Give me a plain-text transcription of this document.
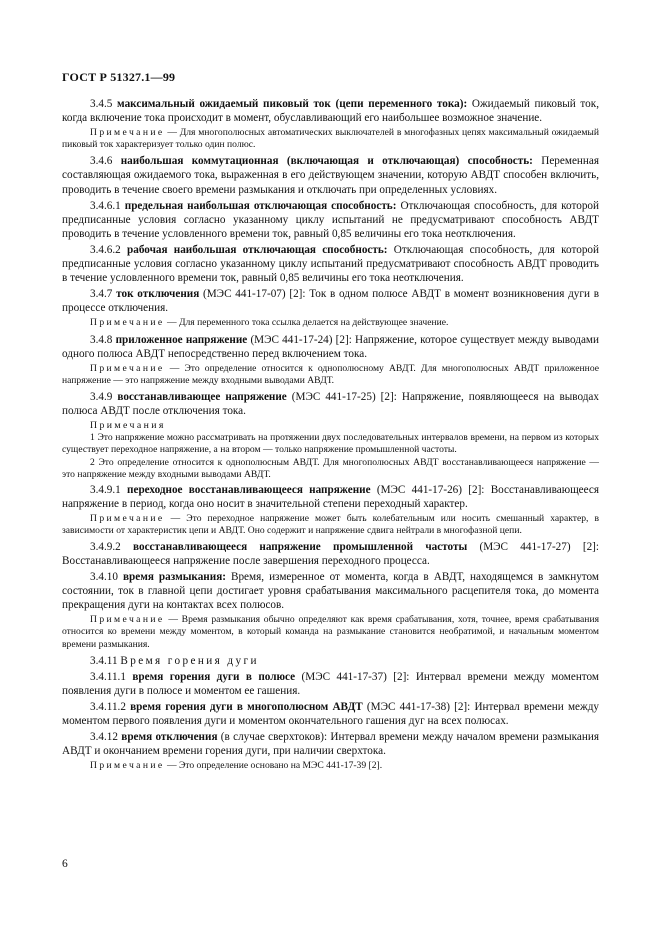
ГОСТ Р 51327.1—99

3.4.5 максимальный ожидаемый пиковый ток (цепи переменного тока): Ожидаемый пиковый ток, когда включение тока происходит в момент, обуславливающий его наибольшее возможное значение.

Примечание — Для многополюсных автоматических выключателей в многофазных цепях максимальный ожидаемый пиковый ток характеризует только один полюс.

3.4.6 наибольшая коммутационная (включающая и отключающая) способность: Переменная составляющая ожидаемого тока, выраженная в его действующем значении, которую АВДТ способен включить, проводить в течение своего времени размыкания и отключать при определенных условиях.

3.4.6.1 предельная наибольшая отключающая способность: Отключающая способность, для которой предписанные условия согласно указанному циклу испытаний не предусматривают способность АВДТ проводить в течение условленного времени ток, равный 0,85 величины его тока неотключения.

3.4.6.2 рабочая наибольшая отключающая способность: Отключающая способность, для которой предписанные условия согласно указанному циклу испытаний предусматривают способность АВДТ проводить в течение условленного времени ток, равный 0,85 величины его тока неотключения.

3.4.7 ток отключения (МЭС 441-17-07) [2]: Ток в одном полюсе АВДТ в момент возникновения дуги в процессе отключения.

Примечание — Для переменного тока ссылка делается на действующее значение.

3.4.8 приложенное напряжение (МЭС 441-17-24) [2]: Напряжение, которое существует между выводами одного полюса АВДТ непосредственно перед включением тока.

Примечание — Это определение относится к однополюсному АВДТ. Для многополюсных АВДТ приложенное напряжение — это напряжение между входными выводами АВДТ.

3.4.9 восстанавливающее напряжение (МЭС 441-17-25) [2]: Напряжение, появляющееся на выводах полюса АВДТ после отключения тока.

Примечания

1 Это напряжение можно рассматривать на протяжении двух последовательных интервалов времени, на первом из которых существует переходное напряжение, а на втором — только напряжение промышленной частоты.

2 Это определение относится к однополюсным АВДТ. Для многополюсных АВДТ восстанавливающееся напряжение — это напряжение между входными выводами АВДТ.

3.4.9.1 переходное восстанавливающееся напряжение (МЭС 441-17-26) [2]: Восстанавливающееся напряжение в период, когда оно носит в значительной степени переходный характер.

Примечание — Это переходное напряжение может быть колебательным или носить смешанный характер, в зависимости от характеристик цепи и АВДТ. Оно содержит и напряжение сдвига нейтрали в многофазной цепи.

3.4.9.2 восстанавливающееся напряжение промышленной частоты (МЭС 441-17-27) [2]: Восстанавливающееся напряжение после завершения переходного процесса.

3.4.10 время размыкания: Время, измеренное от момента, когда в АВДТ, находящемся в замкнутом состоянии, ток в главной цепи достигает уровня срабатывания максимального расцепителя тока, до момента прекращения дуги на контактах всех полюсов.

Примечание — Время размыкания обычно определяют как время срабатывания, хотя, точнее, время срабатывания относится ко времени между моментом, в который команда на размыкание становится необратимой, и начальным моментом времени размыкания.

3.4.11 Время горения дуги

3.4.11.1 время горения дуги в полюсе (МЭС 441-17-37) [2]: Интервал времени между моментом появления дуги в полюсе и моментом ее гашения.

3.4.11.2 время горения дуги в многополюсном АВДТ (МЭС 441-17-38) [2]: Интервал времени между моментом первого появления дуги и моментом окончательного гашения дуг на всех полюсах.

3.4.12 время отключения (в случае сверхтоков): Интервал времени между началом времени размыкания АВДТ и окончанием времени горения дуги, при наличии сверхтока.

Примечание — Это определение основано на МЭС 441-17-39 [2].

6
